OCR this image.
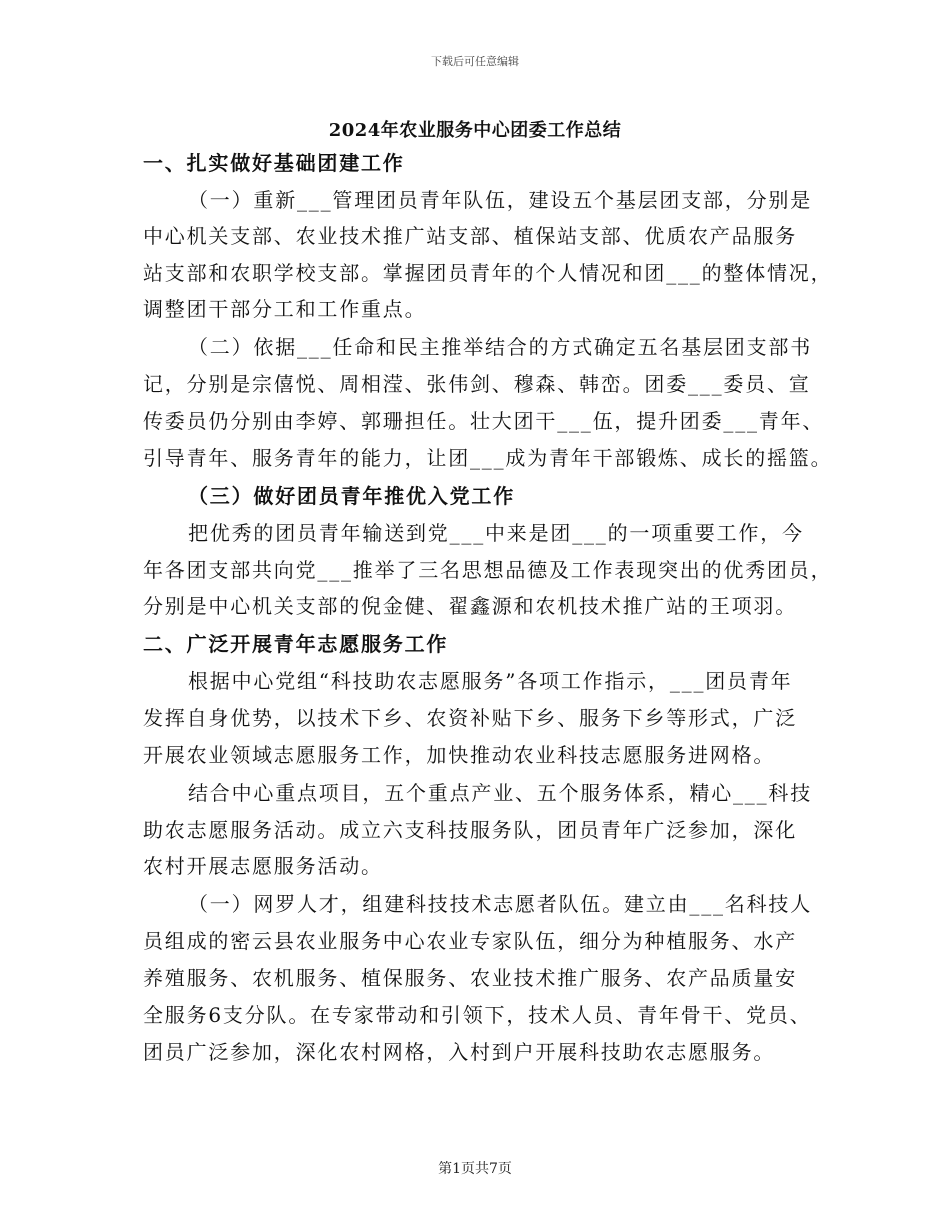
下载后可任意编辑
2024年农业服务中心团委工作总结
一、扎实做好基础团建工作
（一）重新___管理团员青年队伍，建设五个基层团支部，分别是
中心机关支部、农业技术推广站支部、植保站支部、优质农产品服务
站支部和农职学校支部。掌握团员青年的个人情况和团___的整体情况，
调整团干部分工和工作重点。
（二）依据___任命和民主推举结合的方式确定五名基层团支部书
记，分别是宗僖悦、周相滢、张伟剑、穆森、韩峦。团委___委员、宣
传委员仍分别由李婷、郭珊担任。壮大团干___伍，提升团委___青年、
引导青年、服务青年的能力，让团___成为青年干部锻炼、成长的摇篮。
（三）做好团员青年推优入党工作
把优秀的团员青年输送到党___中来是团___的一项重要工作，今
年各团支部共向党___推举了三名思想品德及工作表现突出的优秀团员，
分别是中心机关支部的倪金健、翟鑫源和农机技术推广站的王项羽。
二、广泛开展青年志愿服务工作
根据中心党组“科技助农志愿服务”各项工作指示，___团员青年
发挥自身优势，以技术下乡、农资补贴下乡、服务下乡等形式，广泛
开展农业领域志愿服务工作，加快推动农业科技志愿服务进网格。
结合中心重点项目，五个重点产业、五个服务体系，精心___科技
助农志愿服务活动。成立六支科技服务队，团员青年广泛参加，深化
农村开展志愿服务活动。
（一）网罗人才，组建科技技术志愿者队伍。建立由___名科技人
员组成的密云县农业服务中心农业专家队伍，细分为种植服务、水产
养殖服务、农机服务、植保服务、农业技术推广服务、农产品质量安
全服务6支分队。在专家带动和引领下，技术人员、青年骨干、党员、
团员广泛参加，深化农村网格，入村到户开展科技助农志愿服务。
第1页共7页
